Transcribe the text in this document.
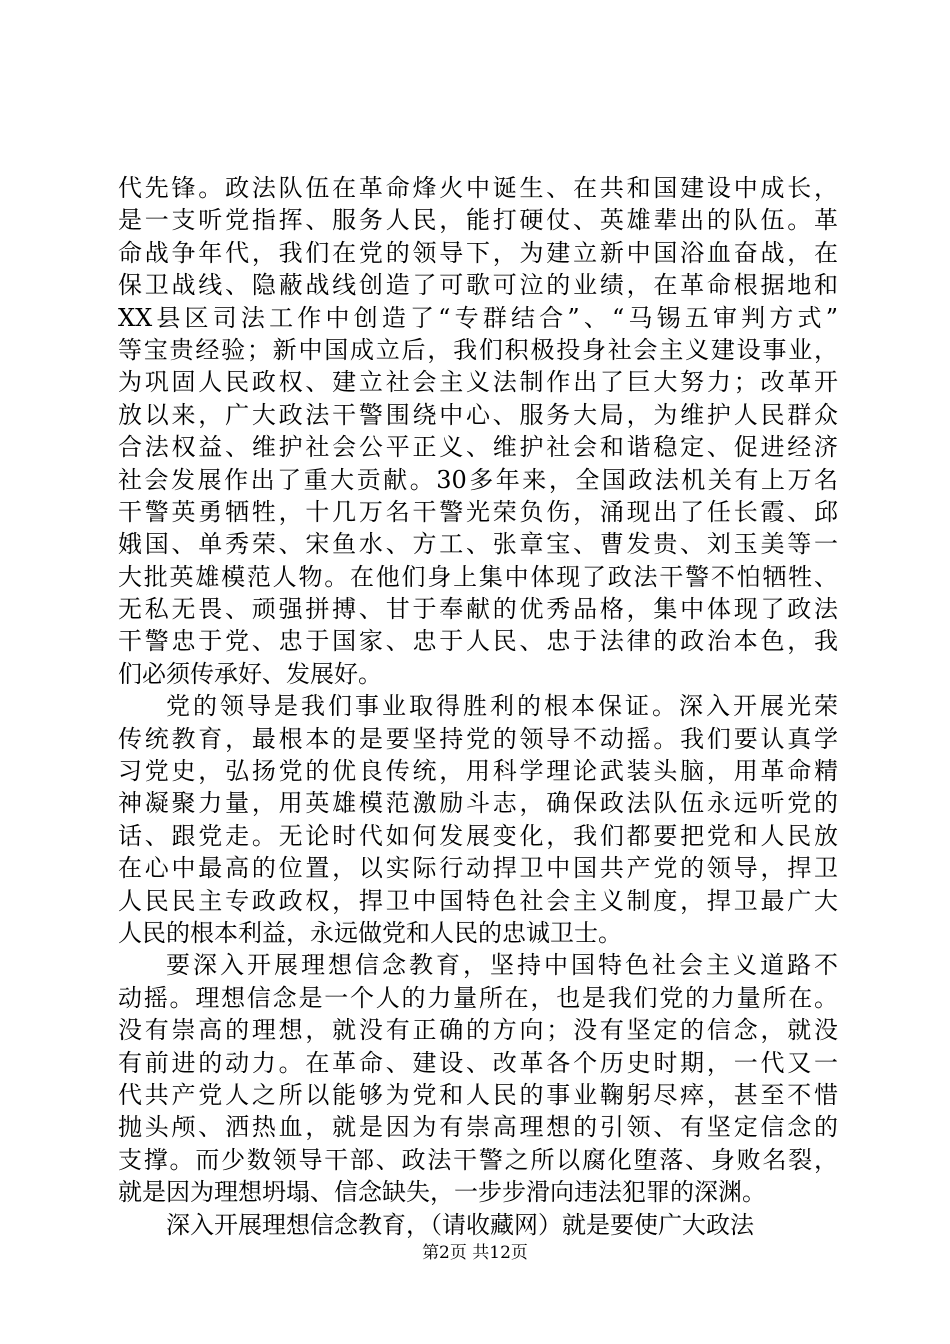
代先锋。政法队伍在革命烽火中诞生、在共和国建设中成长，
是一支听党指挥、服务人民，能打硬仗、英雄辈出的队伍。革
命战争年代，我们在党的领导下，为建立新中国浴血奋战，在
保卫战线、隐蔽战线创造了可歌可泣的业绩，在革命根据地和
XX县区司法工作中创造了“专群结合”、“马锡五审判方式”
等宝贵经验；新中国成立后，我们积极投身社会主义建设事业，
为巩固人民政权、建立社会主义法制作出了巨大努力；改革开
放以来，广大政法干警围绕中心、服务大局，为维护人民群众
合法权益、维护社会公平正义、维护社会和谐稳定、促进经济
社会发展作出了重大贡献。30多年来，全国政法机关有上万名
干警英勇牺牲，十几万名干警光荣负伤，涌现出了任长霞、邱
娥国、单秀荣、宋鱼水、方工、张章宝、曹发贵、刘玉美等一
大批英雄模范人物。在他们身上集中体现了政法干警不怕牺牲、
无私无畏、顽强拼搏、甘于奉献的优秀品格，集中体现了政法
干警忠于党、忠于国家、忠于人民、忠于法律的政治本色，我
们必须传承好、发展好。
党的领导是我们事业取得胜利的根本保证。深入开展光荣
传统教育，最根本的是要坚持党的领导不动摇。我们要认真学
习党史，弘扬党的优良传统，用科学理论武装头脑，用革命精
神凝聚力量，用英雄模范激励斗志，确保政法队伍永远听党的
话、跟党走。无论时代如何发展变化，我们都要把党和人民放
在心中最高的位置，以实际行动捍卫中国共产党的领导，捍卫
人民民主专政政权，捍卫中国特色社会主义制度，捍卫最广大
人民的根本利益，永远做党和人民的忠诚卫士。
要深入开展理想信念教育，坚持中国特色社会主义道路不
动摇。理想信念是一个人的力量所在，也是我们党的力量所在。
没有崇高的理想，就没有正确的方向；没有坚定的信念，就没
有前进的动力。在革命、建设、改革各个历史时期，一代又一
代共产党人之所以能够为党和人民的事业鞠躬尽瘁，甚至不惜
抛头颅、洒热血，就是因为有崇高理想的引领、有坚定信念的
支撑。而少数领导干部、政法干警之所以腐化堕落、身败名裂，
就是因为理想坍塌、信念缺失，一步步滑向违法犯罪的深渊。
深入开展理想信念教育，（请收藏网）就是要使广大政法
第2页 共12页
